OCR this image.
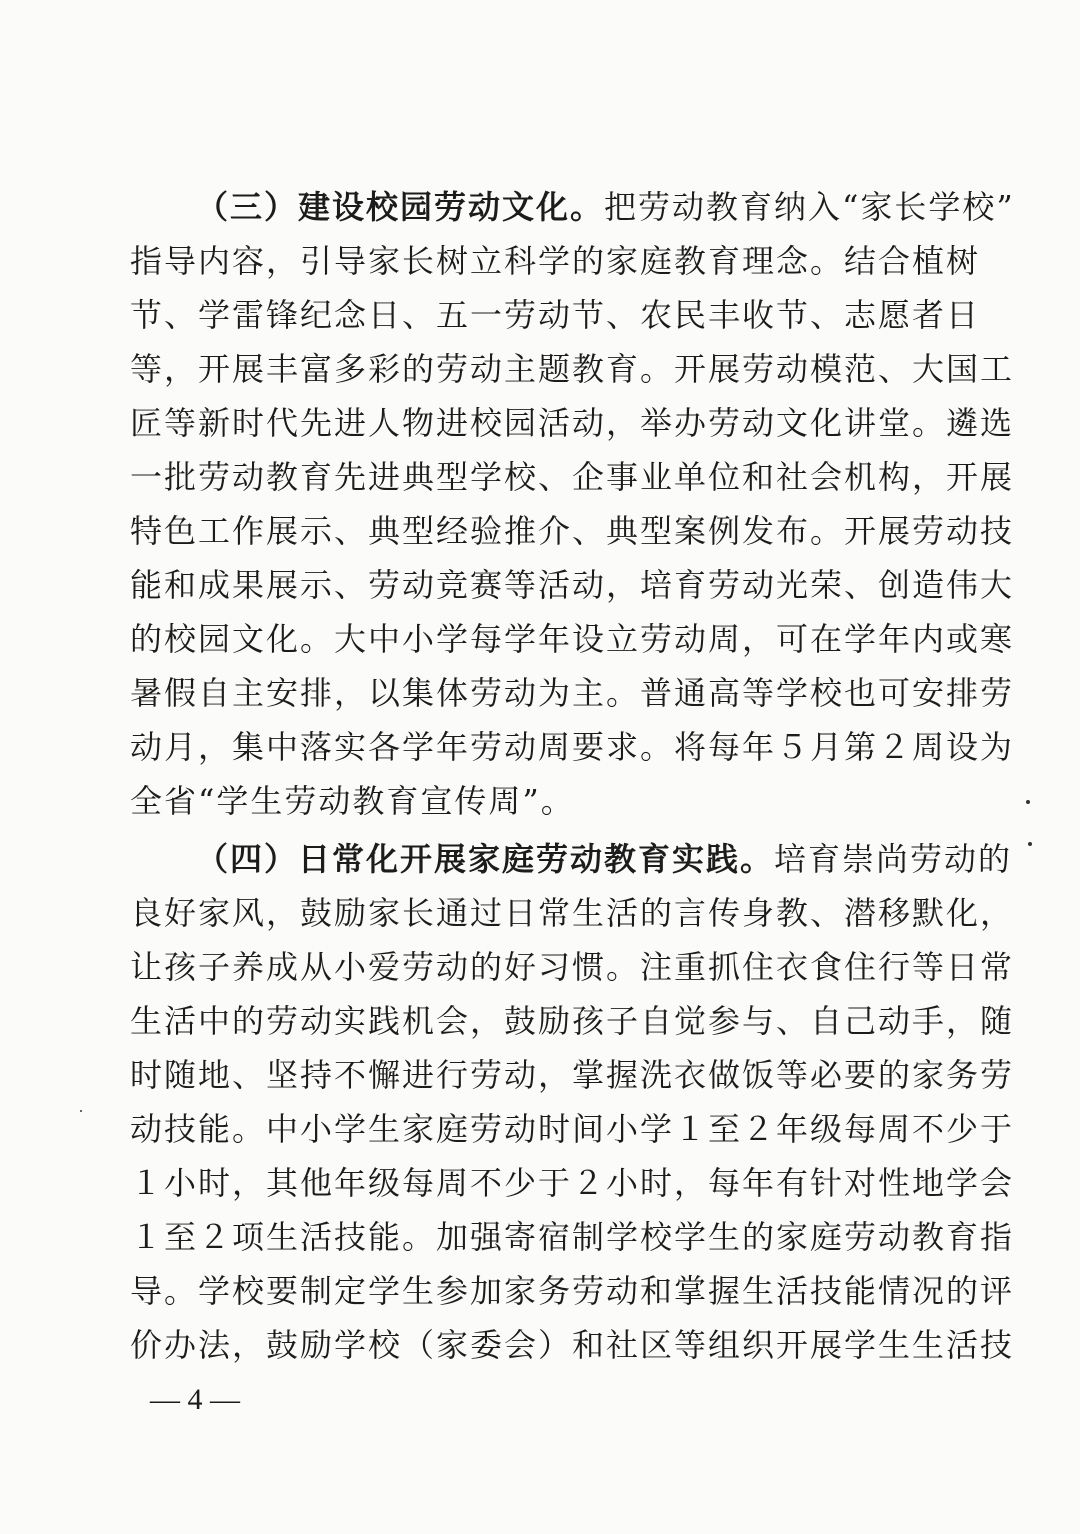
（三）建设校园劳动文化。把劳动教育纳入“家长学校”
指导内容，引导家长树立科学的家庭教育理念。结合植树
节、学雷锋纪念日、五一劳动节、农民丰收节、志愿者日
等，开展丰富多彩的劳动主题教育。开展劳动模范、大国工
匠等新时代先进人物进校园活动，举办劳动文化讲堂。遴选
一批劳动教育先进典型学校、企事业单位和社会机构，开展
特色工作展示、典型经验推介、典型案例发布。开展劳动技
能和成果展示、劳动竞赛等活动，培育劳动光荣、创造伟大
的校园文化。大中小学每学年设立劳动周，可在学年内或寒
暑假自主安排，以集体劳动为主。普通高等学校也可安排劳
动月，集中落实各学年劳动周要求。将每年５月第２周设为
全省“学生劳动教育宣传周”。
（四）日常化开展家庭劳动教育实践。培育崇尚劳动的
良好家风，鼓励家长通过日常生活的言传身教、潜移默化，
让孩子养成从小爱劳动的好习惯。注重抓住衣食住行等日常
生活中的劳动实践机会，鼓励孩子自觉参与、自己动手，随
时随地、坚持不懈进行劳动，掌握洗衣做饭等必要的家务劳
动技能。中小学生家庭劳动时间小学１至２年级每周不少于
１小时，其他年级每周不少于２小时，每年有针对性地学会
１至２项生活技能。加强寄宿制学校学生的家庭劳动教育指
导。学校要制定学生参加家务劳动和掌握生活技能情况的评
价办法，鼓励学校（家委会）和社区等组织开展学生生活技
— 4 —
